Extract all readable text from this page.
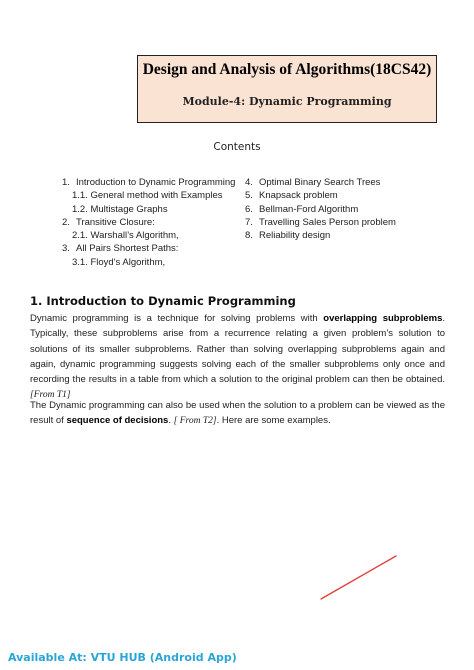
Design and Analysis of Algorithms(18CS42)
Module-4: Dynamic Programming
Contents
1. Introduction to Dynamic Programming
1.1. General method with Examples
1.2. Multistage Graphs
2. Transitive Closure:
2.1. Warshall’s Algorithm,
3. All Pairs Shortest Paths:
3.1. Floyd's Algorithm,
4. Optimal Binary Search Trees
5. Knapsack problem
6. Bellman-Ford Algorithm
7. Travelling Sales Person problem
8. Reliability design
1. Introduction to Dynamic Programming

Dynamic programming is a technique for solving problems with overlapping subproblems. Typically, these subproblems arise from a recurrence relating a given problem’s solution to solutions of its smaller subproblems. Rather than solving overlapping subproblems again and again, dynamic programming suggests solving each of the smaller subproblems only once and recording the results in a table from which a solution to the original problem can then be obtained. [From T1]

The Dynamic programming can also be used when the solution to a problem can be viewed as the result of sequence of decisions. [ From T2]. Here are some examples.

Available At: VTU HUB (Android App)
